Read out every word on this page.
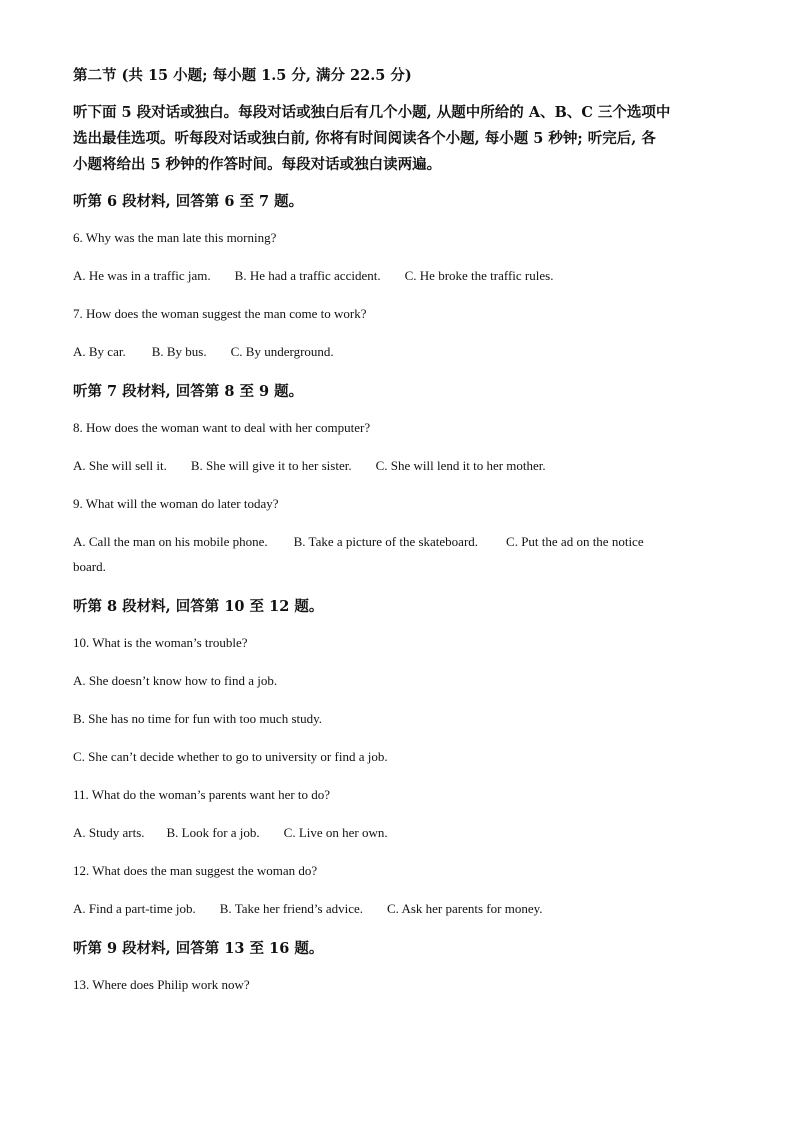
第二节 (共 15 小题; 每小题 1.5 分, 满分 22.5 分)
听下面 5 段对话或独白。每段对话或独白后有几个小题, 从题中所给的 A、B、C 三个选项中
选出最佳选项。听每段对话或独白前, 你将有时间阅读各个小题, 每小题 5 秒钟; 听完后, 各
小题将给出 5 秒钟的作答时间。每段对话或独白读两遍。
听第 6 段材料, 回答第 6 至 7 题。
6. Why was the man late this morning?
A. He was in a traffic jam. B. He had a traffic accident. C. He broke the traffic rules.
7. How does the woman suggest the man come to work?
A. By car. B. By bus. C. By underground.
听第 7 段材料, 回答第 8 至 9 题。
8. How does the woman want to deal with her computer?
A. She will sell it. B. She will give it to her sister. C. She will lend it to her mother.
9. What will the woman do later today?
A. Call the man on his mobile phone. B. Take a picture of the skateboard. C. Put the ad on the notice
board.
听第 8 段材料, 回答第 10 至 12 题。
10. What is the woman’s trouble?
A. She doesn’t know how to find a job.
B. She has no time for fun with too much study.
C. She can’t decide whether to go to university or find a job.
11. What do the woman’s parents want her to do?
A. Study arts. B. Look for a job. C. Live on her own.
12. What does the man suggest the woman do?
A. Find a part-time job. B. Take her friend’s advice. C. Ask her parents for money.
听第 9 段材料, 回答第 13 至 16 题。
13. Where does Philip work now?
